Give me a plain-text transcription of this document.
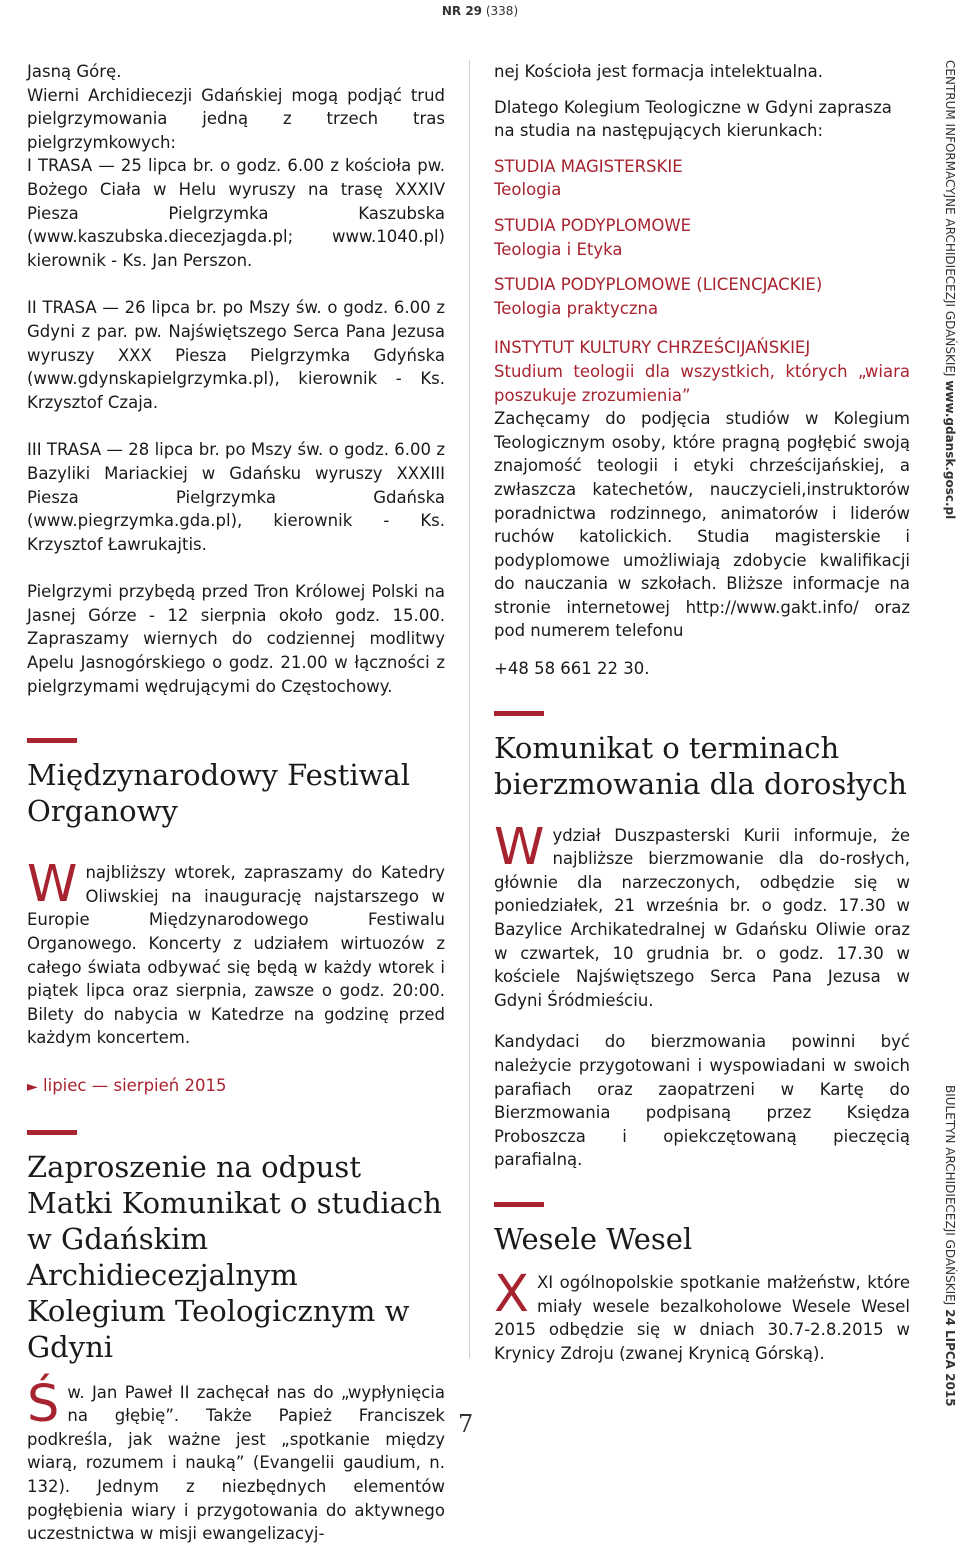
NR 29 (338)

Jasną Górę.

Wierni Archidiecezji Gdańskiej mogą podjąć trud pielgrzymowania jedną z trzech tras pielgrzymkowych:

I TRASA — 25 lipca br. o godz. 6.00 z kościoła pw. Bożego Ciała w Helu wyruszy na trasę XXXIV Piesza Pielgrzymka Kaszubska (www.kaszubska.diecezjagda.pl; www.1040.pl) kierownik - Ks. Jan Perszon.

II TRASA — 26 lipca br. po Mszy św. o godz. 6.00 z Gdyni z par. pw. Najświętszego Serca Pana Jezusa wyruszy XXX Piesza Pielgrzymka Gdyńska (www.gdynskapielgrzymka.pl), kierownik - Ks. Krzysztof Czaja.

III TRASA — 28 lipca br. po Mszy św. o godz. 6.00 z Bazyliki Mariackiej w Gdańsku wyruszy XXXIII Piesza Pielgrzymka Gdańska (www.piegrzymka.gda.pl), kierownik - Ks. Krzysztof Ławrukajtis.

Pielgrzymi przybędą przed Tron Królowej Polski na Jasnej Górze - 12 sierpnia około godz. 15.00. Zapraszamy wiernych do codziennej modlitwy Apelu Jasnogórskiego o godz. 21.00 w łączności z pielgrzymami wędrującymi do Częstochowy.

Międzynarodowy Festiwal Organowy

Wnajbliższy wtorek, zapraszamy do Katedry Oliwskiej na inaugurację najstarszego w Europie Międzynarodowego Festiwalu Organowego. Koncerty z udziałem wirtuozów z całego świata odbywać się będą w każdy wtorek i piątek lipca oraz sierpnia, zawsze o godz. 20:00. Bilety do nabycia w Katedrze na godzinę przed każdym koncertem.

► lipiec — sierpień 2015

Zaproszenie na odpust Matki Komunikat o studiach w Gdańskim Archidiecezjalnym Kolegium Teologicznym w Gdyni

Św. Jan Paweł II zachęcał nas do „wypłynięcia na głębię”. Także Papież Franciszek podkreśla, jak ważne jest „spotkanie między wiarą, rozumem i nauką” (Evangelii gaudium, n. 132). Jednym z niezbędnych elementów pogłębienia wiary i przygotowania do aktywnego uczestnictwa w misji ewangelizacyj-

nej Kościoła jest formacja intelektualna.

Dlatego Kolegium Teologiczne w Gdyni zaprasza na studia na następujących kierunkach:

STUDIA MAGISTERSKIE

Teologia

STUDIA PODYPLOMOWE

Teologia i Etyka

STUDIA PODYPLOMOWE (LICENCJACKIE)

Teologia praktyczna

INSTYTUT KULTURY CHRZEŚCIJAŃSKIEJ

Studium teologii dla wszystkich, których „wiara poszukuje zrozumienia”

Zachęcamy do podjęcia studiów w Kolegium Teologicznym osoby, które pragną pogłębić swoją znajomość teologii i etyki chrześcijańskiej, a zwłaszcza katechetów, nauczycieli,instruktorów poradnictwa rodzinnego, animatorów i liderów ruchów katolickich. Studia magisterskie i podyplomowe umożliwiają zdobycie kwalifikacji do nauczania w szkołach. Bliższe informacje na stronie internetowej http://www.gakt.info/ oraz pod numerem telefonu

+48 58 661 22 30.

Komunikat o terminach bierzmowania dla dorosłych

Wydział Duszpasterski Kurii informuje, że najbliższe bierzmowanie dla do-rosłych, głównie dla narzeczonych, odbędzie się w poniedziałek, 21 września br. o godz. 17.30 w Bazylice Archikatedralnej w Gdańsku Oliwie oraz w czwartek, 10 grudnia br. o godz. 17.30 w kościele Najświętszego Serca Pana Jezusa w Gdyni Śródmieściu.

Kandydaci do bierzmowania powinni być należycie przygotowani i wyspowiadani w swoich parafiach oraz zaopatrzeni w Kartę do Bierzmowania podpisaną przez Księdza Proboszcza i opiekczętowaną pieczęcią parafialną.

Wesele Wesel

XXI ogólnopolskie spotkanie małżeństw, które miały wesele bezalkoholowe Wesele Wesel 2015 odbędzie się w dniach 30.7-2.8.2015 w Krynicy Zdroju (zwanej Krynicą Górską).

CENTRUM INFORMACYJNE ARCHIDIECEZJI GDAŃSKIEJ www.gdansk.gosc.pl
BIULETYN ARCHIDIECEZJI GDAŃSKIEJ 24 LIPCA 2015
7
